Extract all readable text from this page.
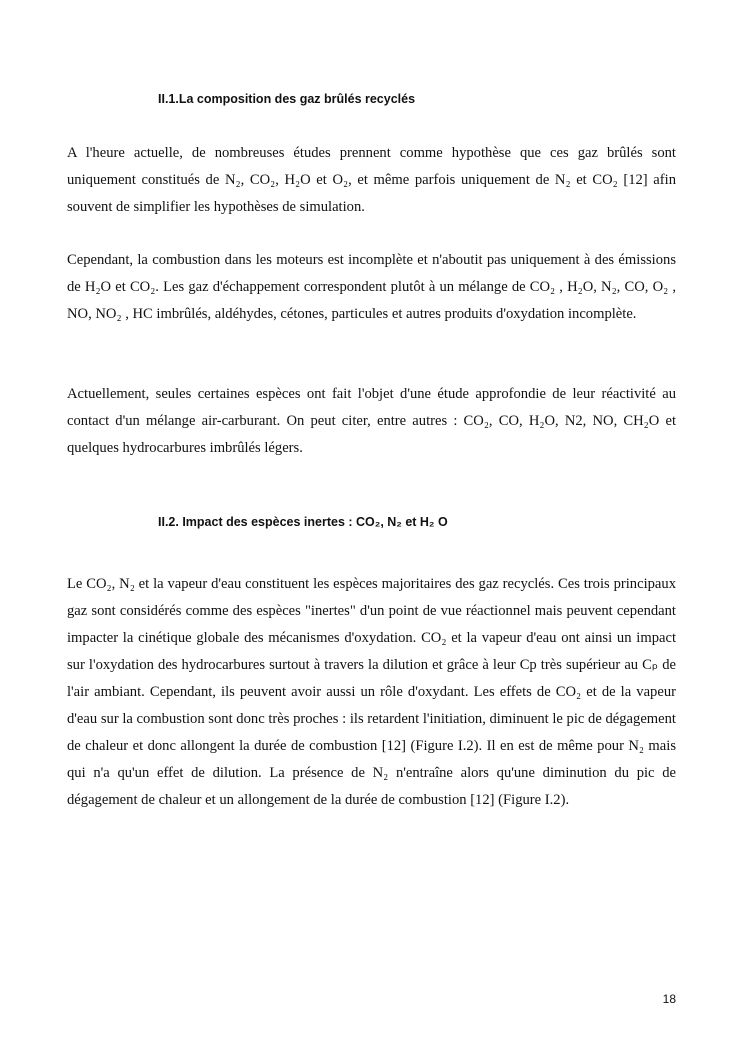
II.1.La composition des gaz brûlés recyclés

A l'heure actuelle, de nombreuses études prennent comme hypothèse que ces gaz brûlés sont uniquement constitués de N₂, CO₂, H₂O et O₂, et même parfois uniquement de N₂ et CO₂ [12] afin souvent de simplifier les hypothèses de simulation.

Cependant, la combustion dans les moteurs est incomplète et n'aboutit pas uniquement à des émissions de H₂O et CO₂. Les gaz d'échappement correspondent plutôt à un mélange de CO₂ , H₂O, N₂, CO, O₂ , NO, NO₂ , HC imbrûlés, aldéhydes, cétones, particules et autres produits d'oxydation incomplète.

Actuellement, seules certaines espèces ont fait l'objet d'une étude approfondie de leur réactivité au contact d'un mélange air-carburant. On peut citer, entre autres : CO₂, CO, H₂O, N2, NO, CH₂O et quelques hydrocarbures imbrûlés légers.

II.2. Impact des espèces inertes : CO₂, N₂ et H₂ O

Le CO₂, N₂ et la vapeur d'eau constituent les espèces majoritaires des gaz recyclés. Ces trois principaux gaz sont considérés comme des espèces "inertes" d'un point de vue réactionnel mais peuvent cependant impacter la cinétique globale des mécanismes d'oxydation. CO₂ et la vapeur d'eau ont ainsi un impact sur l'oxydation des hydrocarbures surtout à travers la dilution et grâce à leur Cp très supérieur au Cₚ de l'air ambiant. Cependant, ils peuvent avoir aussi un rôle d'oxydant. Les effets de CO₂ et de la vapeur d'eau sur la combustion sont donc très proches : ils retardent l'initiation, diminuent le pic de dégagement de chaleur et donc allongent la durée de combustion [12] (Figure I.2). Il en est de même pour N₂ mais qui n'a qu'un effet de dilution. La présence de N₂ n'entraîne alors qu'une diminution du pic de dégagement de chaleur et un allongement de la durée de combustion [12] (Figure I.2).

18
